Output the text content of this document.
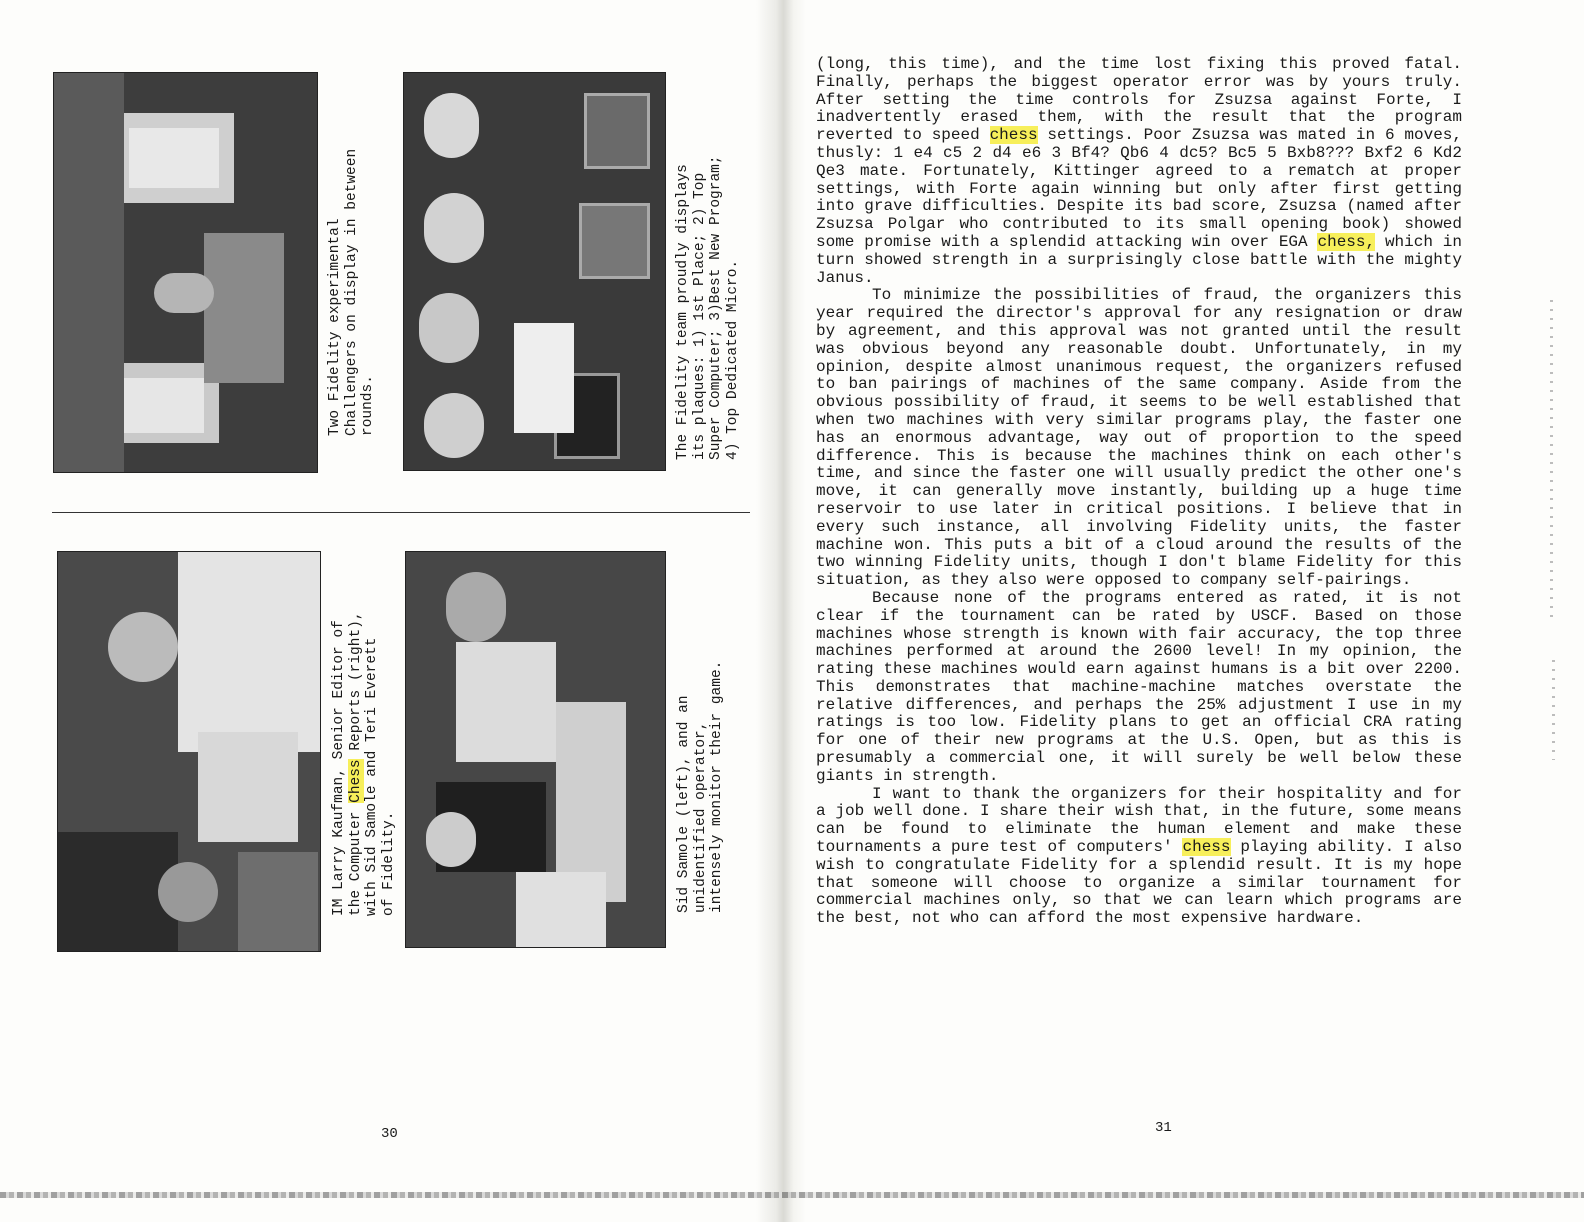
Two Fidelity experimental
Challengers on display in between
rounds.
The Fidelity team proudly displays
its plaques: 1) 1st Place; 2) Top
Super Computer; 3)Best New Program;
4) Top Dedicated Micro.
IM Larry Kaufman, Senior Editor of
the Computer Chess Reports (right),
with Sid Samole and Teri Everett
of Fidelity.
Sid Samole (left), and an
unidentified operator,
intensely monitor their game.
30

(long, this time), and the time lost fixing this proved fatal. Finally, perhaps the biggest operator error was by yours truly. After setting the time controls for Zsuzsa against Forte, I inadvertently erased them, with the result that the program reverted to speed chess settings. Poor Zsuzsa was mated in 6 moves, thusly: 1 e4 c5 2 d4 e6 3 Bf4? Qb6 4 dc5? Bc5 5 Bxb8??? Bxf2 6 Kd2 Qe3 mate. Fortunately, Kittinger agreed to a rematch at proper settings, with Forte again winning but only after first getting into grave difficulties. Despite its bad score, Zsuzsa (named after Zsuzsa Polgar who contributed to its small opening book) showed some promise with a splendid attacking win over EGA chess, which in turn showed strength in a surprisingly close battle with the mighty Janus.

To minimize the possibilities of fraud, the organizers this year required the director's approval for any resignation or draw by agreement, and this approval was not granted until the result was obvious beyond any reasonable doubt. Unfortunately, in my opinion, despite almost unanimous request, the organizers refused to ban pairings of machines of the same company. Aside from the obvious possibility of fraud, it seems to be well established that when two machines with very similar programs play, the faster one has an enormous advantage, way out of proportion to the speed difference. This is because the machines think on each other's time, and since the faster one will usually predict the other one's move, it can generally move instantly, building up a huge time reservoir to use later in critical positions. I believe that in every such instance, all involving Fidelity units, the faster machine won. This puts a bit of a cloud around the results of the two winning Fidelity units, though I don't blame Fidelity for this situation, as they also were opposed to company self-pairings.

Because none of the programs entered as rated, it is not clear if the tournament can be rated by USCF. Based on those machines whose strength is known with fair accuracy, the top three machines performed at around the 2600 level! In my opinion, the rating these machines would earn against humans is a bit over 2200. This demonstrates that machine-machine matches overstate the relative differences, and perhaps the 25% adjustment I use in my ratings is too low. Fidelity plans to get an official CRA rating for one of their new programs at the U.S. Open, but as this is presumably a commercial one, it will surely be well below these giants in strength.

I want to thank the organizers for their hospitality and for a job well done. I share their wish that, in the future, some means can be found to eliminate the human element and make these tournaments a pure test of computers' chess playing ability. I also wish to congratulate Fidelity for a splendid result. It is my hope that someone will choose to organize a similar tournament for commercial machines only, so that we can learn which programs are the best, not who can afford the most expensive hardware.

31
